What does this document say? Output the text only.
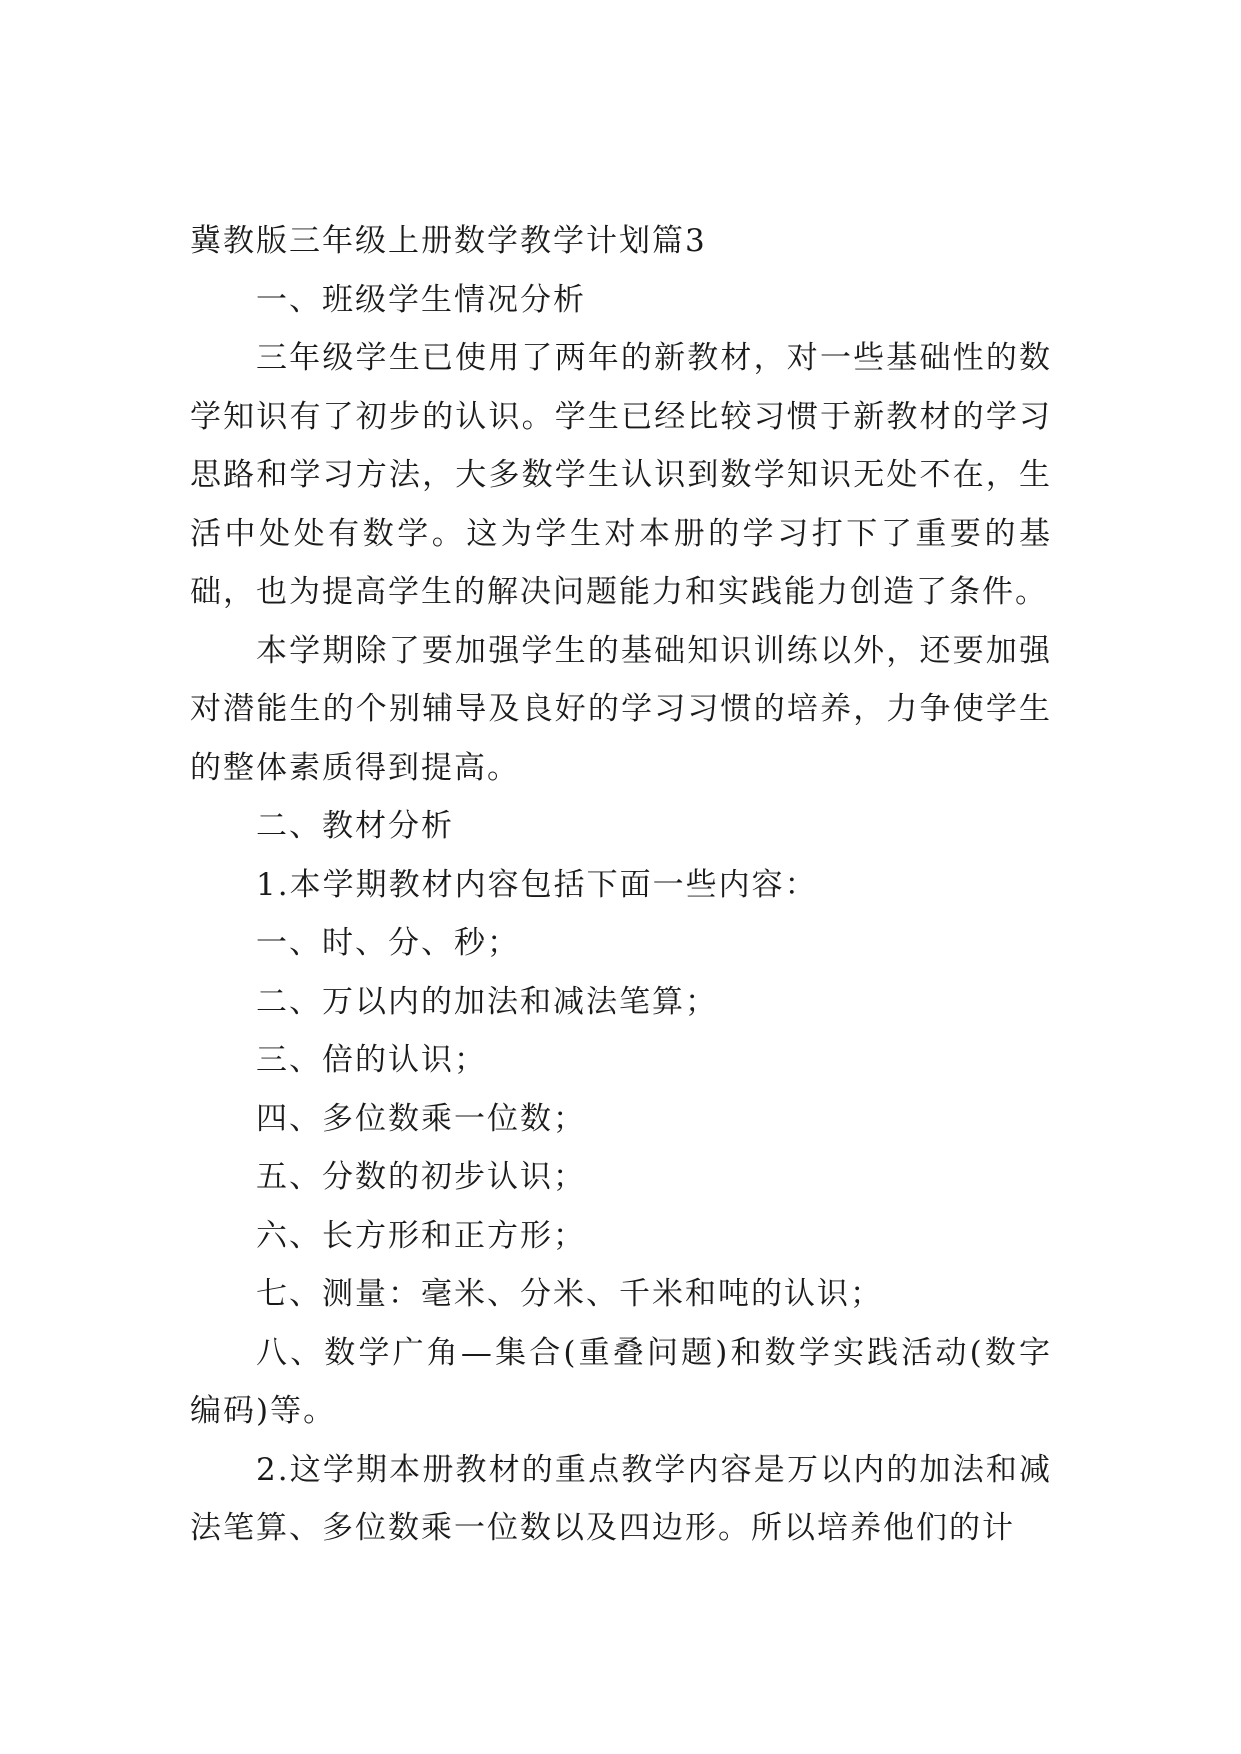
冀教版三年级上册数学教学计划篇3
一、班级学生情况分析

三年级学生已使用了两年的新教材，对一些基础性的数学知识有了初步的认识。学生已经比较习惯于新教材的学习思路和学习方法，大多数学生认识到数学知识无处不在，生活中处处有数学。这为学生对本册的学习打下了重要的基础，也为提高学生的解决问题能力和实践能力创造了条件。

本学期除了要加强学生的基础知识训练以外，还要加强对潜能生的个别辅导及良好的学习习惯的培养，力争使学生的整体素质得到提高。

二、教材分析
1.本学期教材内容包括下面一些内容：
一、时、分、秒；
二、万以内的加法和减法笔算；
三、倍的认识；
四、多位数乘一位数；
五、分数的初步认识；
六、长方形和正方形；
七、测量：毫米、分米、千米和吨的认识；

八、数学广角—集合(重叠问题)和数学实践活动(数字编码)等。

2.这学期本册教材的重点教学内容是万以内的加法和减法笔算、多位数乘一位数以及四边形。所以培养他们的计
